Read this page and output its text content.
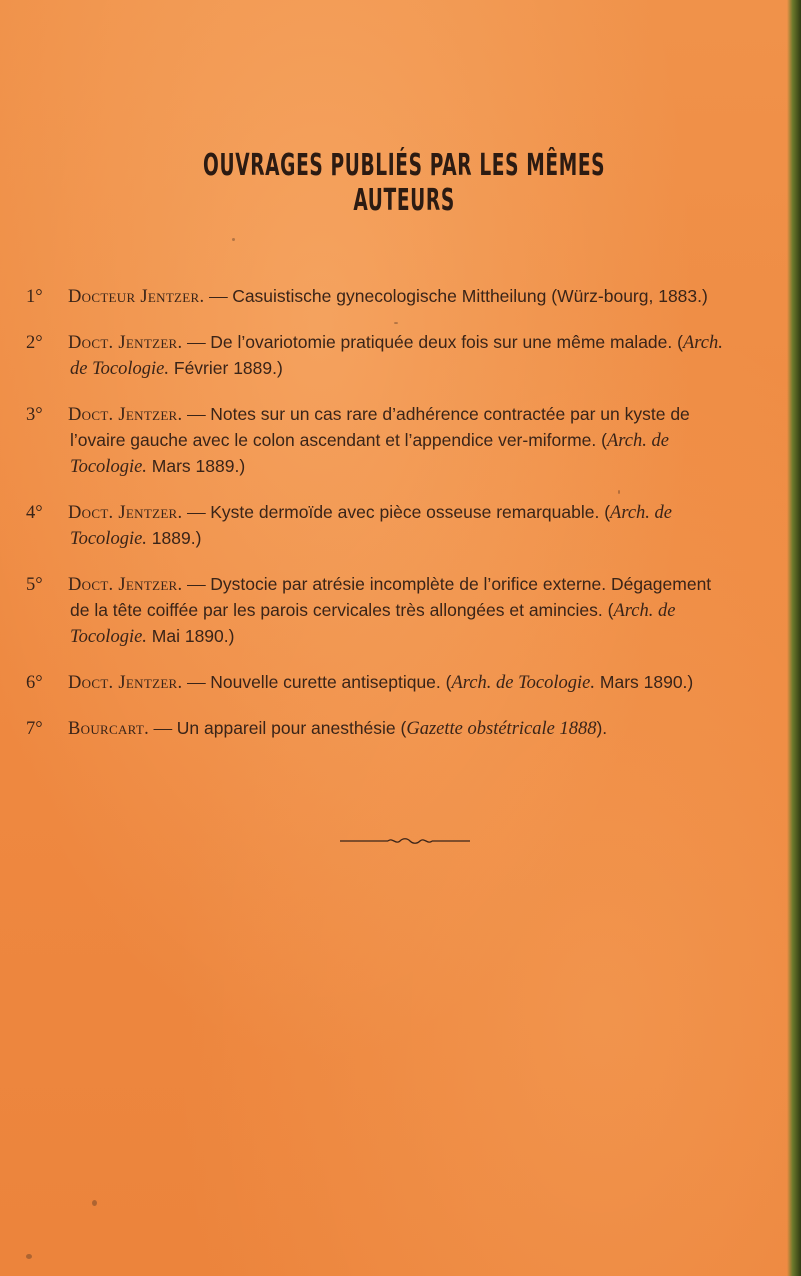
OUVRAGES PUBLIÉS PAR LES MÊMES AUTEURS
1° Docteur Jentzer. — Casuistische gynecologische Mittheilung (Würz-bourg, 1883.)
2° Doct. Jentzer. — De l’ovariotomie pratiquée deux fois sur une même malade. (Arch. de Tocologie. Février 1889.)
3° Doct. Jentzer. — Notes sur un cas rare d’adhérence contractée par un kyste de l’ovaire gauche avec le colon ascendant et l’appendice ver-miforme. (Arch. de Tocologie. Mars 1889.)
4° Doct. Jentzer. — Kyste dermoïde avec pièce osseuse remarquable. (Arch. de Tocologie. 1889.)
5° Doct. Jentzer. — Dystocie par atrésie incomplète de l’orifice externe. Dégagement de la tête coiffée par les parois cervicales très allongées et amincies. (Arch. de Tocologie. Mai 1890.)
6° Doct. Jentzer. — Nouvelle curette antiseptique. (Arch. de Tocologie. Mars 1890.)
7° Bourcart. — Un appareil pour anesthésie (Gazette obstétricale 1888).
